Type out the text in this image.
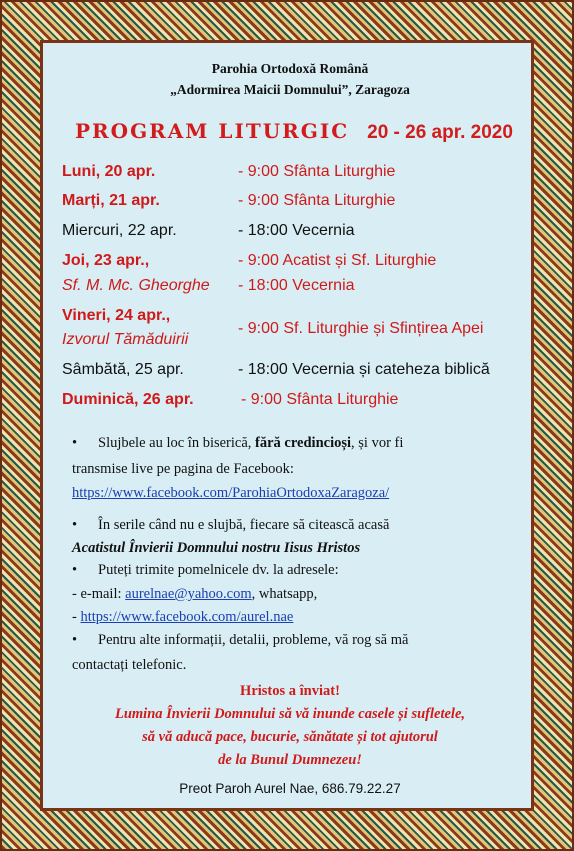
Parohia Ortodoxă Română
„Adormirea Maicii Domnului”, Zaragoza
PROGRAM LITURGIC 20 - 26 apr. 2020
Luni, 20 apr.	- 9:00 Sfânta Liturghie
Marți, 21 apr.	- 9:00 Sfânta Liturghie
Miercuri, 22 apr.	- 18:00 Vecernia
Joi, 23 apr.,	- 9:00 Acatist și Sf. Liturghie
Sf. M. Mc. Gheorghe - 18:00 Vecernia
Vineri, 24 apr.,
Izvorul Tămăduirii
- 9:00 Sf. Liturghie și Sfințirea Apei
Sâmbătă, 25 apr.	- 18:00 Vecernia și cateheza biblică
Duminică, 26 apr.	- 9:00 Sfânta Liturghie
• Slujbele au loc în biserică, fără credincioși, și vor fi
transmise live pe pagina de Facebook:
https://www.facebook.com/ParohiaOrtodoxaZaragoza/
• În serile când nu e slujbă, fiecare să citească acasă
Acatistul Învierii Domnului nostru Iisus Hristos
• Puteți trimite pomelnicele dv. la adresele:
- e-mail: aurelnae@yahoo.com, whatsapp,
- https://www.facebook.com/aurel.nae
• Pentru alte informații, detalii, probleme, vă rog să mă
contactați telefonic.
Hristos a înviat!
Lumina Învierii Domnului să vă inunde casele și sufletele,
să vă aducă pace, bucurie, sănătate și tot ajutorul
de la Bunul Dumnezeu!
Preot Paroh Aurel Nae, 686.79.22.27
